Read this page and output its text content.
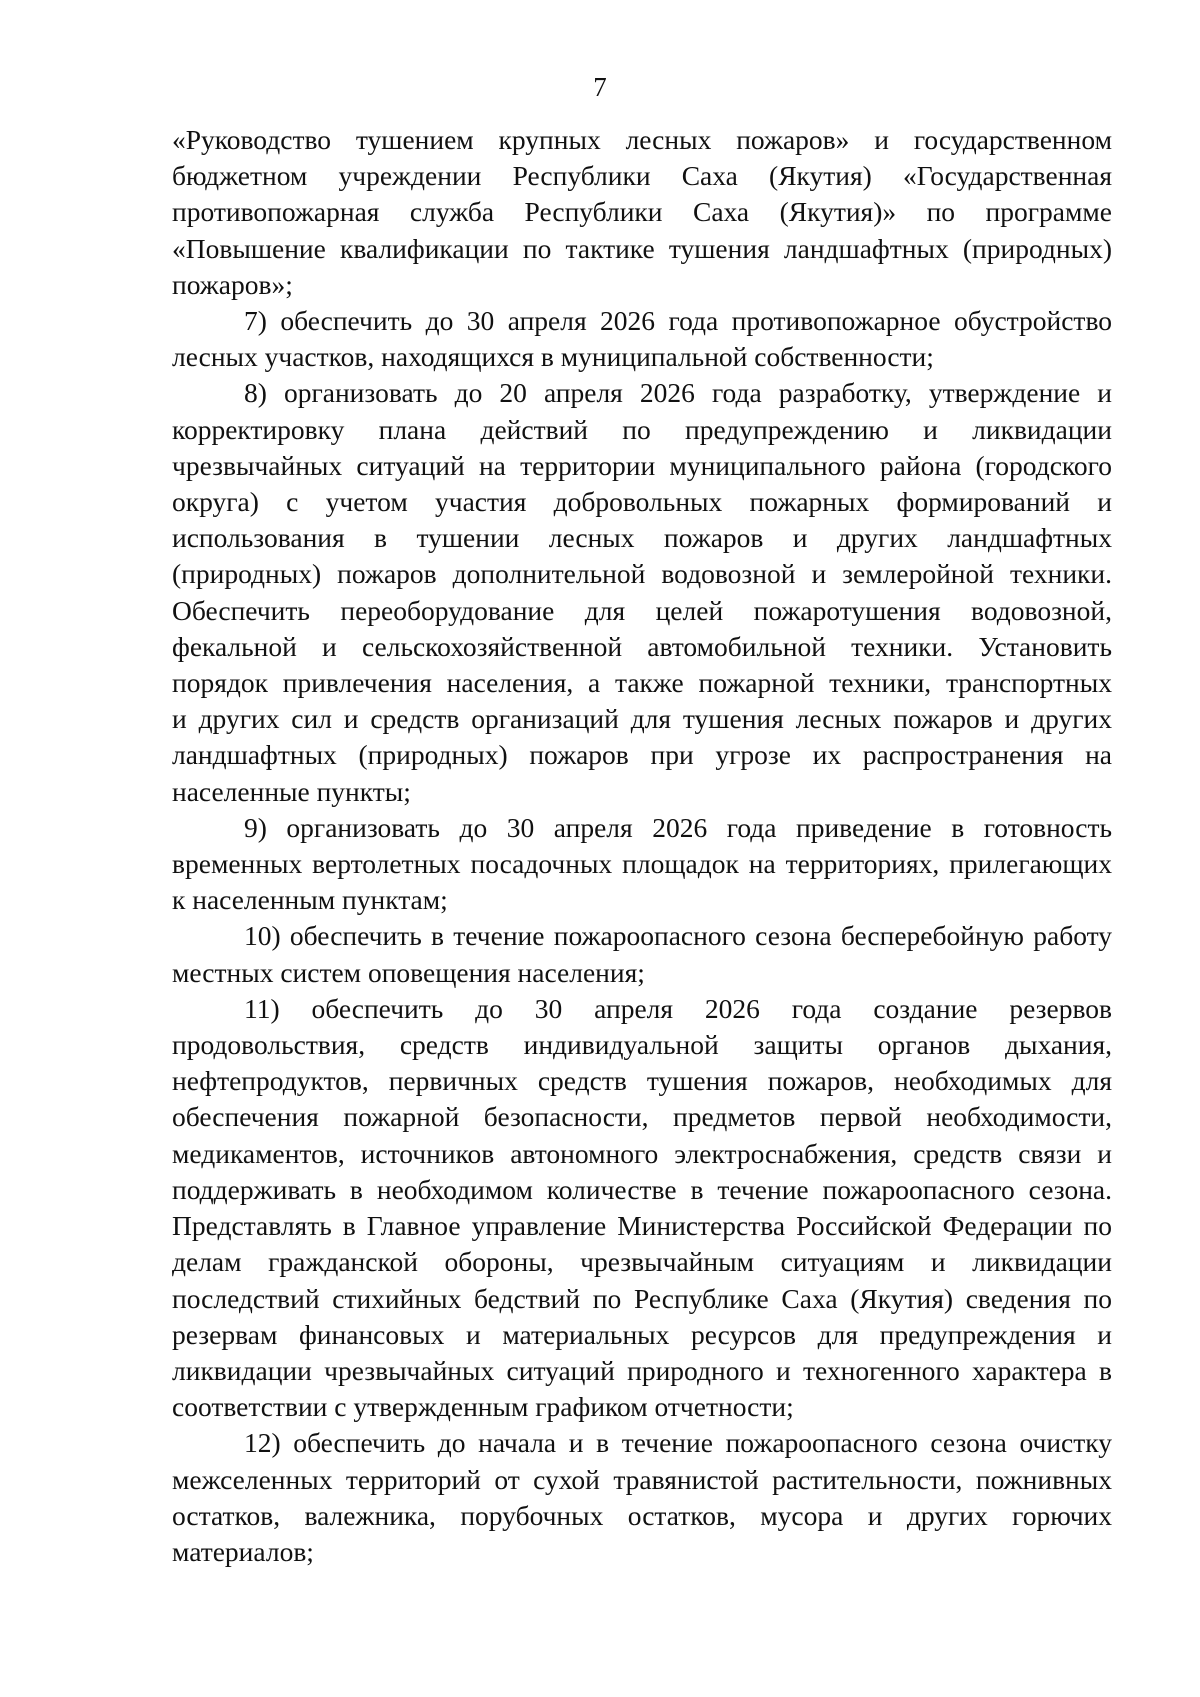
7

«Руководство тушением крупных лесных пожаров» и государственном
бюджетном учреждении Республики Саха (Якутия) «Государственная
противопожарная служба Республики Саха (Якутия)» по программе
«Повышение квалификации по тактике тушения ландшафтных (природных)
пожаров»;

7) обеспечить до 30 апреля 2026 года противопожарное обустройство
лесных участков, находящихся в муниципальной собственности;

8) организовать до 20 апреля 2026 года разработку, утверждение и
корректировку плана действий по предупреждению и ликвидации
чрезвычайных ситуаций на территории муниципального района (городского
округа) с учетом участия добровольных пожарных формирований и
использования в тушении лесных пожаров и других ландшафтных
(природных) пожаров дополнительной водовозной и землеройной техники.
Обеспечить переоборудование для целей пожаротушения водовозной,
фекальной и сельскохозяйственной автомобильной техники. Установить
порядок привлечения населения, а также пожарной техники, транспортных
и других сил и средств организаций для тушения лесных пожаров и других
ландшафтных (природных) пожаров при угрозе их распространения на
населенные пункты;

9) организовать до 30 апреля 2026 года приведение в готовность
временных вертолетных посадочных площадок на территориях, прилегающих
к населенным пунктам;

10) обеспечить в течение пожароопасного сезона бесперебойную работу
местных систем оповещения населения;

11) обеспечить до 30 апреля 2026 года создание резервов
продовольствия, средств индивидуальной защиты органов дыхания,
нефтепродуктов, первичных средств тушения пожаров, необходимых для
обеспечения пожарной безопасности, предметов первой необходимости,
медикаментов, источников автономного электроснабжения, средств связи и
поддерживать в необходимом количестве в течение пожароопасного сезона.
Представлять в Главное управление Министерства Российской Федерации по
делам гражданской обороны, чрезвычайным ситуациям и ликвидации
последствий стихийных бедствий по Республике Саха (Якутия) сведения по
резервам финансовых и материальных ресурсов для предупреждения и
ликвидации чрезвычайных ситуаций природного и техногенного характера в
соответствии с утвержденным графиком отчетности;

12) обеспечить до начала и в течение пожароопасного сезона очистку
межселенных территорий от сухой травянистой растительности, пожнивных
остатков, валежника, порубочных остатков, мусора и других горючих
материалов;
